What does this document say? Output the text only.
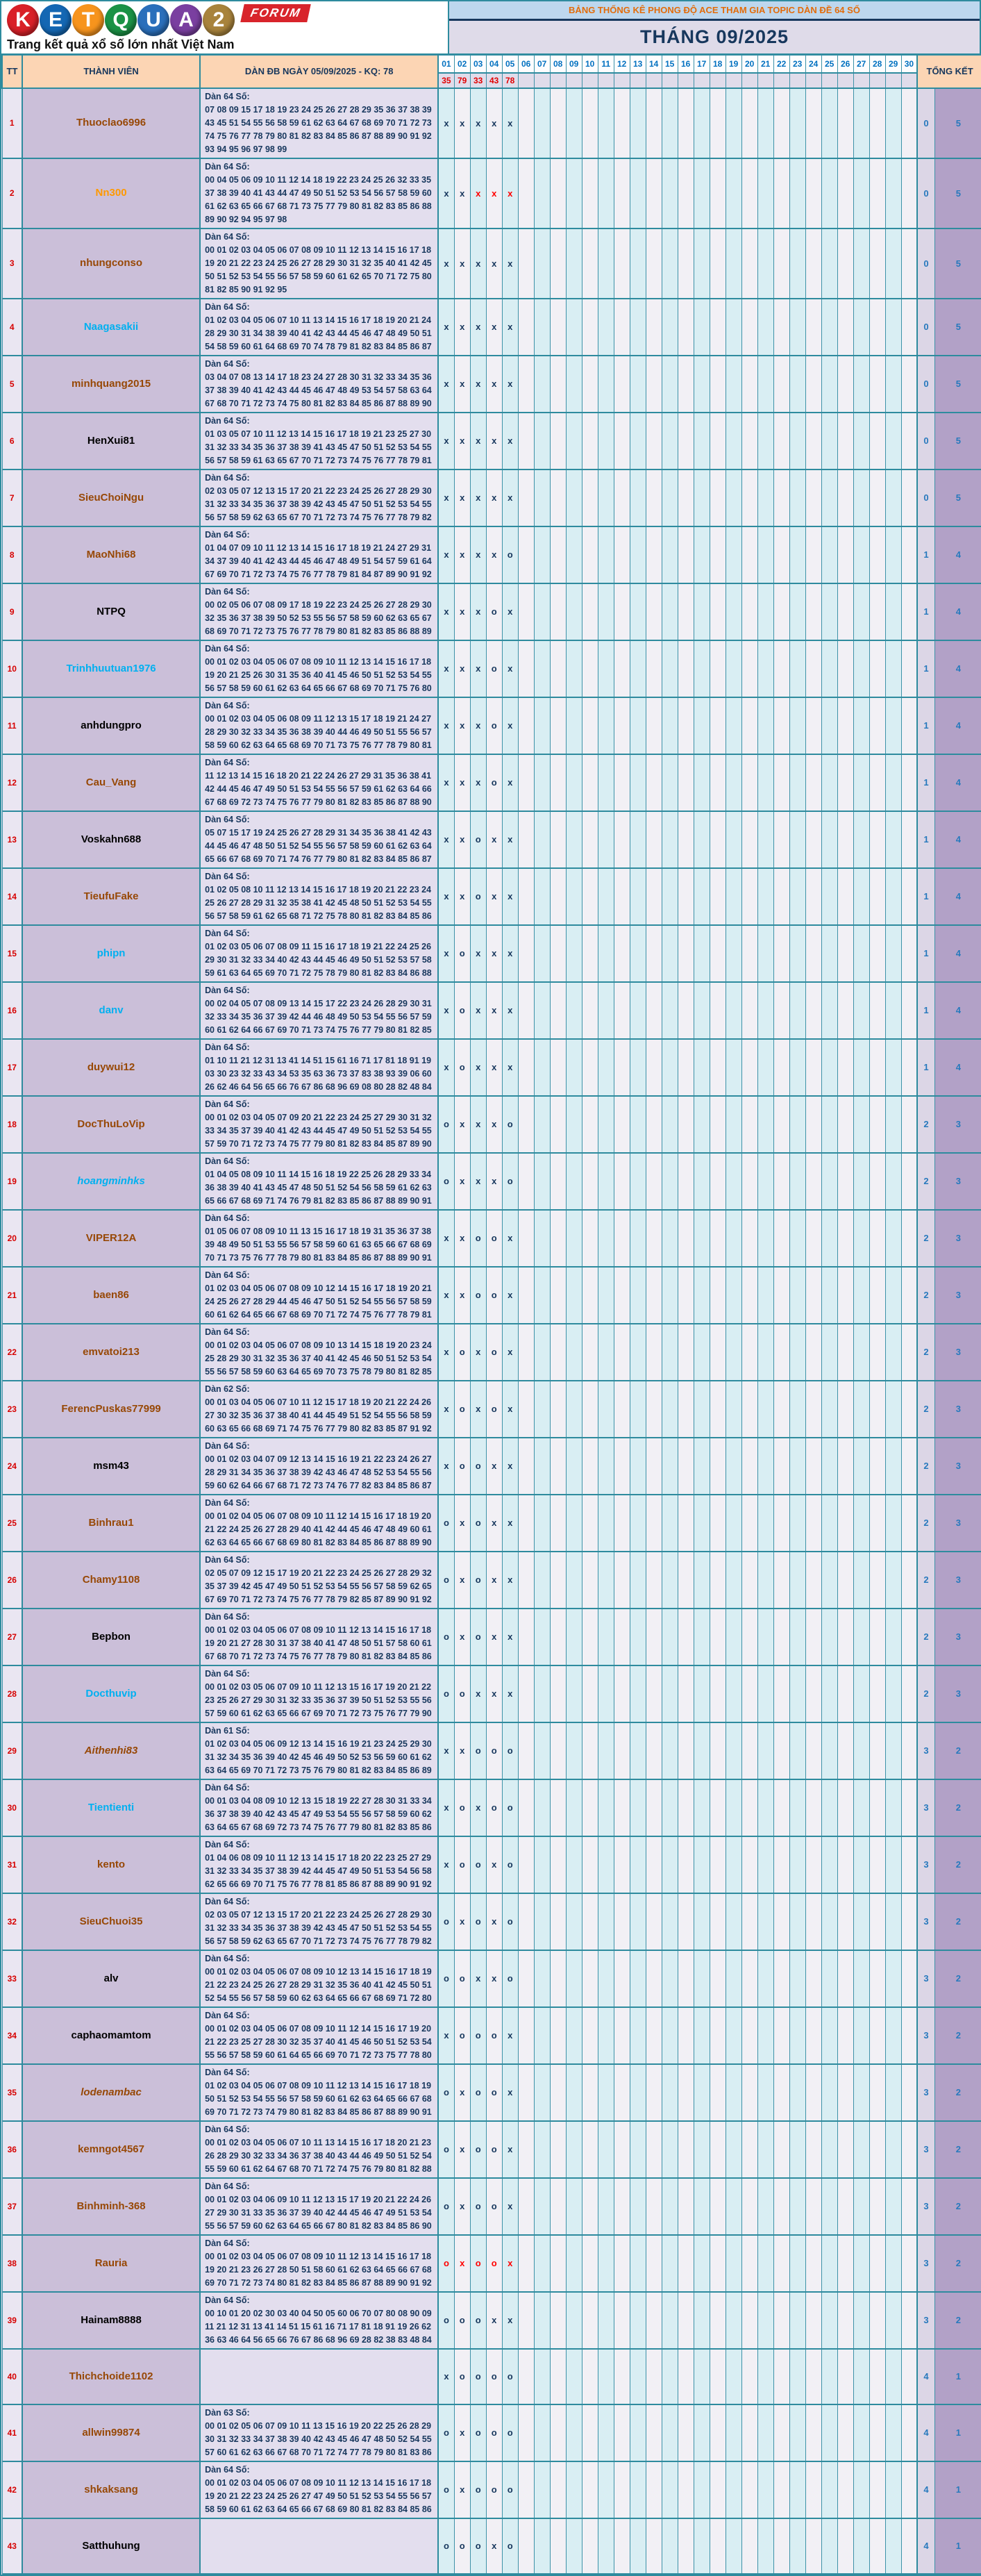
K E T Q U A 2	FORUM
Trang kết quả xổ số lớn nhất Việt Nam
BẢNG THỐNG KÊ PHONG ĐỘ ACE THAM GIA TOPIC DÀN ĐỀ 64 SỐ
THÁNG 09/2025
TT	THÀNH VIÊN	DÀN ĐB NGÀY 05/09/2025 - KQ: 78	01	02	03	04	05	06	07	08	09	10	11	12	13	14	15	16	17	18	19	20	21	22	23	24	25	26	27	28	29	30	TỔNG KẾT	
			35	79	33	43	78																											
1	Thuoclao6996	Dàn 64 Số:
07 08 09 15 17 18 19 23 24 25 26 27 28 29 35 36 37 38 39 43 45 51 54 55 56 58 59 61 62 63 64 67 68 69 70 71 72 73 74 75 76 77 78 79 80 81 82 83 84 85 86 87 88 89 90 91 92 93 94 95 96 97 98 99	x	x	x	x	x																										0	5
2	Nn300	Dàn 64 Số:
00 04 05 06 09 10 11 12 14 18 19 22 23 24 25 26 32 33 35 37 38 39 40 41 43 44 47 49 50 51 52 53 54 56 57 58 59 60 61 62 63 65 66 67 68 71 73 75 77 79 80 81 82 83 85 86 88 89 90 92 94 95 97 98	x	x	x	x	x																										0	5
3	nhungconso	Dàn 64 Số:
00 01 02 03 04 05 06 07 08 09 10 11 12 13 14 15 16 17 18 19 20 21 22 23 24 25 26 27 28 29 30 31 32 35 40 41 42 45 50 51 52 53 54 55 56 57 58 59 60 61 62 65 70 71 72 75 80 81 82 85 90 91 92 95	x	x	x	x	x																										0	5
4	Naagasakii	Dàn 64 Số:
01 02 03 04 05 06 07 10 11 13 14 15 16 17 18 19 20 21 24 28 29 30 31 34 38 39 40 41 42 43 44 45 46 47 48 49 50 51 54 58 59 60 61 64 68 69 70 74 78 79 81 82 83 84 85 86 87	x	x	x	x	x																										0	5
5	minhquang2015	Dàn 64 Số:
03 04 07 08 13 14 17 18 23 24 27 28 30 31 32 33 34 35 36 37 38 39 40 41 42 43 44 45 46 47 48 49 53 54 57 58 63 64 67 68 70 71 72 73 74 75 80 81 82 83 84 85 86 87 88 89 90	x	x	x	x	x																										0	5
6	HenXui81	Dàn 64 Số:
01 03 05 07 10 11 12 13 14 15 16 17 18 19 21 23 25 27 30 31 32 33 34 35 36 37 38 39 41 43 45 47 50 51 52 53 54 55 56 57 58 59 61 63 65 67 70 71 72 73 74 75 76 77 78 79 81	x	x	x	x	x																										0	5
7	SieuChoiNgu	Dàn 64 Số:
02 03 05 07 12 13 15 17 20 21 22 23 24 25 26 27 28 29 30 31 32 33 34 35 36 37 38 39 42 43 45 47 50 51 52 53 54 55 56 57 58 59 62 63 65 67 70 71 72 73 74 75 76 77 78 79 82	x	x	x	x	x																										0	5
8	MaoNhi68	Dàn 64 Số:
01 04 07 09 10 11 12 13 14 15 16 17 18 19 21 24 27 29 31 34 37 39 40 41 42 43 44 45 46 47 48 49 51 54 57 59 61 64 67 69 70 71 72 73 74 75 76 77 78 79 81 84 87 89 90 91 92	x	x	x	x	o																										1	4
9	NTPQ	Dàn 64 Số:
00 02 05 06 07 08 09 17 18 19 22 23 24 25 26 27 28 29 30 32 35 36 37 38 39 50 52 53 55 56 57 58 59 60 62 63 65 67 68 69 70 71 72 73 75 76 77 78 79 80 81 82 83 85 86 88 89	x	x	x	o	x																										1	4
10	Trinhhuutuan1976	Dàn 64 Số:
00 01 02 03 04 05 06 07 08 09 10 11 12 13 14 15 16 17 18 19 20 21 25 26 30 31 35 36 40 41 45 46 50 51 52 53 54 55 56 57 58 59 60 61 62 63 64 65 66 67 68 69 70 71 75 76 80	x	x	x	o	x																										1	4
11	anhdungpro	Dàn 64 Số:
00 01 02 03 04 05 06 08 09 11 12 13 15 17 18 19 21 24 27 28 29 30 32 33 34 35 36 38 39 40 44 46 49 50 51 55 56 57 58 59 60 62 63 64 65 68 69 70 71 73 75 76 77 78 79 80 81	x	x	x	o	x																										1	4
12	Cau_Vang	Dàn 64 Số:
11 12 13 14 15 16 18 20 21 22 24 26 27 29 31 35 36 38 41 42 44 45 46 47 49 50 51 53 54 55 56 57 59 61 62 63 64 66 67 68 69 72 73 74 75 76 77 79 80 81 82 83 85 86 87 88 90	x	x	x	o	x																										1	4
13	Voskahn688	Dàn 64 Số:
05 07 15 17 19 24 25 26 27 28 29 31 34 35 36 38 41 42 43 44 45 46 47 48 50 51 52 54 55 56 57 58 59 60 61 62 63 64 65 66 67 68 69 70 71 74 76 77 79 80 81 82 83 84 85 86 87	x	x	o	x	x																										1	4
14	TieufuFake	Dàn 64 Số:
01 02 05 08 10 11 12 13 14 15 16 17 18 19 20 21 22 23 24 25 26 27 28 29 31 32 35 38 41 42 45 48 50 51 52 53 54 55 56 57 58 59 61 62 65 68 71 72 75 78 80 81 82 83 84 85 86	x	x	o	x	x																										1	4
15	phipn	Dàn 64 Số:
01 02 03 05 06 07 08 09 11 15 16 17 18 19 21 22 24 25 26 29 30 31 32 33 34 40 42 43 44 45 46 49 50 51 52 53 57 58 59 61 63 64 65 69 70 71 72 75 78 79 80 81 82 83 84 86 88	x	o	x	x	x																										1	4
16	danv	Dàn 64 Số:
00 02 04 05 07 08 09 13 14 15 17 22 23 24 26 28 29 30 31 32 33 34 35 36 37 39 42 44 46 48 49 50 53 54 55 56 57 59 60 61 62 64 66 67 69 70 71 73 74 75 76 77 79 80 81 82 85	x	o	x	x	x																										1	4
17	duywui12	Dàn 64 Số:
01 10 11 21 12 31 13 41 14 51 15 61 16 71 17 81 18 91 19 03 30 23 32 33 43 34 53 35 63 36 73 37 83 38 93 39 06 60 26 62 46 64 56 65 66 76 67 86 68 96 69 08 80 28 82 48 84	x	o	x	x	x																										1	4
18	DocThuLoVip	Dàn 64 Số:
00 01 02 03 04 05 07 09 20 21 22 23 24 25 27 29 30 31 32 33 34 35 37 39 40 41 42 43 44 45 47 49 50 51 52 53 54 55 57 59 70 71 72 73 74 75 77 79 80 81 82 83 84 85 87 89 90	o	x	x	x	o																										2	3
19	hoangminhks	Dàn 64 Số:
01 04 05 08 09 10 11 14 15 16 18 19 22 25 26 28 29 33 34 36 38 39 40 41 43 45 47 48 50 51 52 54 56 58 59 61 62 63 65 66 67 68 69 71 74 76 79 81 82 83 85 86 87 88 89 90 91	o	x	x	x	o																										2	3
20	VIPER12A	Dàn 64 Số:
01 05 06 07 08 09 10 11 13 15 16 17 18 19 31 35 36 37 38 39 48 49 50 51 53 55 56 57 58 59 60 61 63 65 66 67 68 69 70 71 73 75 76 77 78 79 80 81 83 84 85 86 87 88 89 90 91	x	x	o	o	x																										2	3
21	baen86	Dàn 64 Số:
01 02 03 04 05 06 07 08 09 10 12 14 15 16 17 18 19 20 21 24 25 26 27 28 29 44 45 46 47 50 51 52 54 55 56 57 58 59 60 61 62 64 65 66 67 68 69 70 71 72 74 75 76 77 78 79 81	x	x	o	o	x																										2	3
22	emvatoi213	Dàn 64 Số:
00 01 02 03 04 05 06 07 08 09 10 13 14 15 18 19 20 23 24 25 28 29 30 31 32 35 36 37 40 41 42 45 46 50 51 52 53 54 55 56 57 58 59 60 63 64 65 69 70 73 75 78 79 80 81 82 85	x	o	x	o	x																										2	3
23	FerencPuskas77999	Dàn 62 Số:
00 01 03 04 05 06 07 10 11 12 15 17 18 19 20 21 22 24 26 27 30 32 35 36 37 38 40 41 44 45 49 51 52 54 55 56 58 59 60 63 65 66 68 69 71 74 75 76 77 79 80 82 83 85 87 91 92	x	o	x	o	x																										2	3
24	msm43	Dàn 64 Số:
00 01 02 03 04 07 09 12 13 14 15 16 19 21 22 23 24 26 27 28 29 31 34 35 36 37 38 39 42 43 46 47 48 52 53 54 55 56 59 60 62 64 66 67 68 71 72 73 74 76 77 82 83 84 85 86 87	x	o	o	x	x																										2	3
25	Binhrau1	Dàn 64 Số:
00 01 02 04 05 06 07 08 09 10 11 12 14 15 16 17 18 19 20 21 22 24 25 26 27 28 29 40 41 42 44 45 46 47 48 49 60 61 62 63 64 65 66 67 68 69 80 81 82 83 84 85 86 87 88 89 90	o	x	o	x	x																										2	3
26	Chamy1108	Dàn 64 Số:
02 05 07 09 12 15 17 19 20 21 22 23 24 25 26 27 28 29 32 35 37 39 42 45 47 49 50 51 52 53 54 55 56 57 58 59 62 65 67 69 70 71 72 73 74 75 76 77 78 79 82 85 87 89 90 91 92	o	x	o	x	x																										2	3
27	Bepbon	Dàn 64 Số:
00 01 02 03 04 05 06 07 08 09 10 11 12 13 14 15 16 17 18 19 20 21 27 28 30 31 37 38 40 41 47 48 50 51 57 58 60 61 67 68 70 71 72 73 74 75 76 77 78 79 80 81 82 83 84 85 86	o	x	o	x	x																										2	3
28	Docthuvip	Dàn 64 Số:
00 01 02 03 05 06 07 09 10 11 12 13 15 16 17 19 20 21 22 23 25 26 27 29 30 31 32 33 35 36 37 39 50 51 52 53 55 56 57 59 60 61 62 63 65 66 67 69 70 71 72 73 75 76 77 79 90	o	o	x	x	x																										2	3
29	Aithenhi83	Dàn 61 Số:
01 02 03 04 05 06 09 12 13 14 15 16 19 21 23 24 25 29 30 31 32 34 35 36 39 40 42 45 46 49 50 52 53 56 59 60 61 62 63 64 65 69 70 71 72 73 75 76 79 80 81 82 83 84 85 86 89	x	x	o	o	o																										3	2
30	Tientienti	Dàn 64 Số:
00 01 03 04 08 09 10 12 13 15 18 19 22 27 28 30 31 33 34 36 37 38 39 40 42 43 45 47 49 53 54 55 56 57 58 59 60 62 63 64 65 67 68 69 72 73 74 75 76 77 79 80 81 82 83 85 86	x	o	x	o	o																										3	2
31	kento	Dàn 64 Số:
01 04 06 08 09 10 11 12 13 14 15 17 18 20 22 23 25 27 29 31 32 33 34 35 37 38 39 42 44 45 47 49 50 51 53 54 56 58 62 65 66 69 70 71 75 76 77 78 81 85 86 87 88 89 90 91 92	x	o	o	x	o																										3	2
32	SieuChuoi35	Dàn 64 Số:
02 03 05 07 12 13 15 17 20 21 22 23 24 25 26 27 28 29 30 31 32 33 34 35 36 37 38 39 42 43 45 47 50 51 52 53 54 55 56 57 58 59 62 63 65 67 70 71 72 73 74 75 76 77 78 79 82	o	x	o	x	o																										3	2
33	alv	Dàn 64 Số:
00 01 02 03 04 05 06 07 08 09 10 12 13 14 15 16 17 18 19 21 22 23 24 25 26 27 28 29 31 32 35 36 40 41 42 45 50 51 52 54 55 56 57 58 59 60 62 63 64 65 66 67 68 69 71 72 80	o	o	x	x	o																										3	2
34	caphaomamtom	Dàn 64 Số:
00 01 02 03 04 05 06 07 08 09 10 11 12 14 15 16 17 19 20 21 22 23 25 27 28 30 32 35 37 40 41 45 46 50 51 52 53 54 55 56 57 58 59 60 61 64 65 66 69 70 71 72 73 75 77 78 80	x	o	o	o	x																										3	2
35	lodenambac	Dàn 64 Số:
01 02 03 04 05 06 07 08 09 10 11 12 13 14 15 16 17 18 19 50 51 52 53 54 55 56 57 58 59 60 61 62 63 64 65 66 67 68 69 70 71 72 73 74 79 80 81 82 83 84 85 86 87 88 89 90 91	o	x	o	o	x																										3	2
36	kemngot4567	Dàn 64 Số:
00 01 02 03 04 05 06 07 10 11 13 14 15 16 17 18 20 21 23 26 28 29 30 32 33 34 36 37 38 40 43 44 46 49 50 51 52 54 55 59 60 61 62 64 67 68 70 71 72 74 75 76 79 80 81 82 88	o	x	o	o	x																										3	2
37	Binhminh-368	Dàn 64 Số:
00 01 02 03 04 06 09 10 11 12 13 15 17 19 20 21 22 24 26 27 29 30 31 33 35 36 37 39 40 42 44 45 46 47 49 51 53 54 55 56 57 59 60 62 63 64 65 66 67 80 81 82 83 84 85 86 90	o	x	o	o	x																										3	2
38	Rauria	Dàn 64 Số:
00 01 02 03 04 05 06 07 08 09 10 11 12 13 14 15 16 17 18 19 20 21 23 26 27 28 50 51 58 60 61 62 63 64 65 66 67 68 69 70 71 72 73 74 80 81 82 83 84 85 86 87 88 89 90 91 92	o	x	o	o	x																										3	2
39	Hainam8888	Dàn 64 Số:
00 10 01 20 02 30 03 40 04 50 05 60 06 70 07 80 08 90 09 11 21 12 31 13 41 14 51 15 61 16 71 17 81 18 91 19 26 62 36 63 46 64 56 65 66 76 67 86 68 96 69 28 82 38 83 48 84	o	o	o	x	x																										3	2
40	Thichchoide1102		x	o	o	o	o																										4	1
41	allwin99874	Dàn 63 Số:
00 01 02 05 06 07 09 10 11 13 15 16 19 20 22 25 26 28 29 30 31 32 33 34 37 38 39 40 42 43 45 46 47 48 50 52 54 55 57 60 61 62 63 66 67 68 70 71 72 74 77 78 79 80 81 83 86	o	x	o	o	o																										4	1
42	shkaksang	Dàn 64 Số:
00 01 02 03 04 05 06 07 08 09 10 11 12 13 14 15 16 17 18 19 20 21 22 23 24 25 26 27 47 49 50 51 52 53 54 55 56 57 58 59 60 61 62 63 64 65 66 67 68 69 80 81 82 83 84 85 86	o	x	o	o	o																										4	1
43	Satthuhung		o	o	o	x	o																										4	1
